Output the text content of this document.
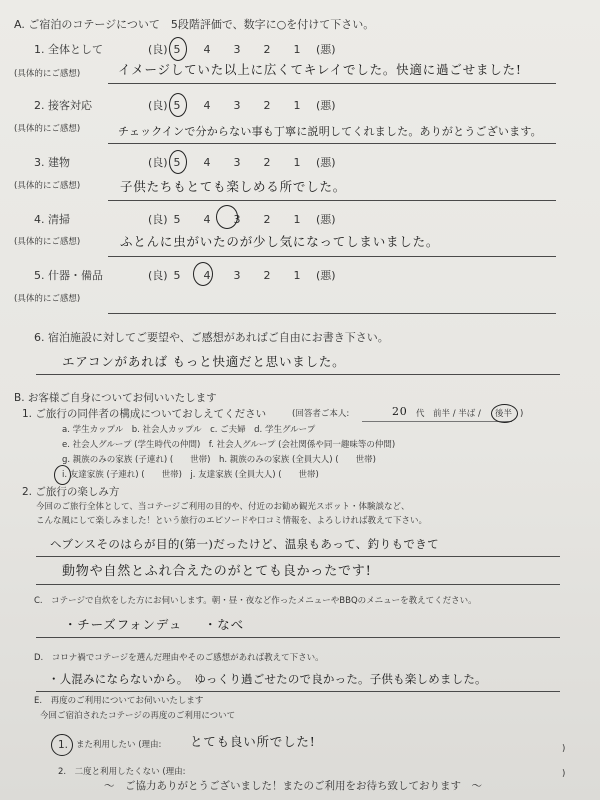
A. ご宿泊のコテージについて　5段階評価で、数字に○を付けて下さい。
1. 全体として	(良) 5 4 3 2 1	(悪)
(具体的にご感想)	イメージしていた以上に広くてキレイでした。快適に過ごせました!
2. 接客対応	(良) 5 4 3 2 1	(悪)
(具体的にご感想)	チェックインで分からない事も丁寧に説明してくれました。ありがとうございます。
3. 建物	(良) 5 4 3 2 1	(悪)
(具体的にご感想)	子供たちもとても楽しめる所でした。
4. 清掃	(良) 5 4 3 2 1	(悪)
(具体的にご感想)	ふとんに虫がいたのが少し気になってしまいました。
5. 什器・備品	(良) 5 4 3 2 1	(悪)
(具体的にご感想)
6. 宿泊施設に対してご要望や、ご感想があればご自由にお書き下さい。
エアコンがあれば もっと快適だと思いました。
B. お客様ご自身についてお伺いいたします
1. ご旅行の同伴者の構成についておしえてください	(回答者ご本人:	20 代　前半 / 半ば / 後半 )
a. 学生カップル　b. 社会人カップル　c. ご夫婦　d. 学生グループ
e. 社会人グループ (学生時代の仲間)　f. 社会人グループ (会社関係や同一趣味等の仲間)
g. 親族のみの家族 (子連れ) (　　世帯)　h. 親族のみの家族 (全員大人) (　　世帯)
i. 友達家族 (子連れ) (　　世帯)　j. 友達家族 (全員大人) (　　世帯)
2. ご旅行の楽しみ方
今回のご旅行全体として、当コテージご利用の目的や、付近のお勧め観光スポット・体験談など、
こんな風にして楽しみました！という旅行のエピソードや口コミ情報を、よろしければ教えて下さい。
ヘブンスそのはらが目的(第一)だったけど、温泉もあって、釣りもできて
動物や自然とふれ合えたのがとても良かったです!
C.　コテージで自炊をした方にお伺いします。朝・昼・夜など作ったメニューやBBQのメニューを教えてください。
・チーズフォンデュ ・なべ
D.　コロナ禍でコテージを選んだ理由やそのご感想があれば教えて下さい。
・人混みにならないから。　ゆっくり過ごせたので良かった。子供も楽しめました。
E.　再度のご利用についてお伺いいたします
今回ご宿泊されたコテージの再度のご利用について
1. また利用したい (理由: とても良い所でした!	)
2.　二度と利用したくない (理由:	)
～　ご協力ありがとうございました！またのご利用をお待ち致しております　～
